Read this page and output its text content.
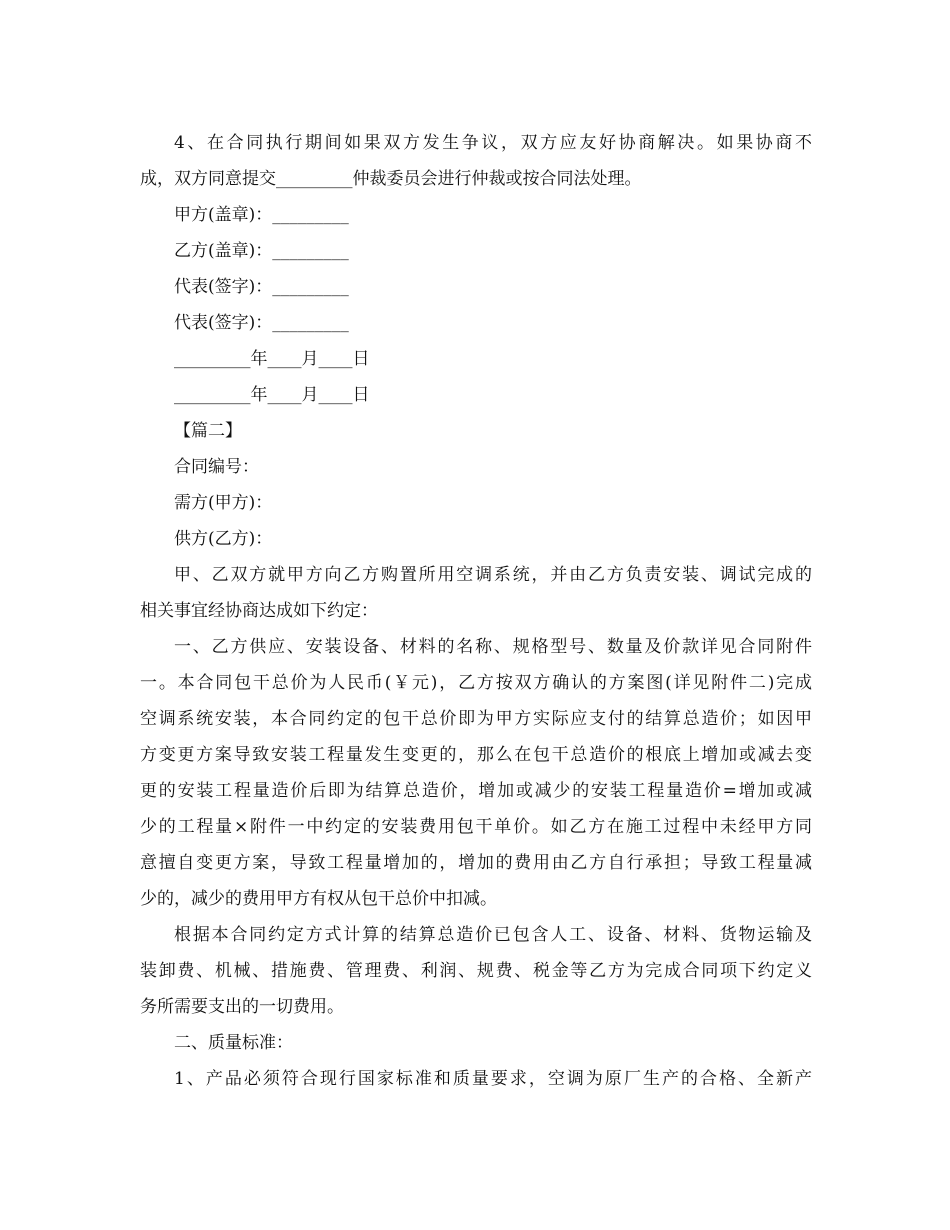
4、在合同执行期间如果双方发生争议，双方应友好协商解决。如果协商不
成，双方同意提交_________仲裁委员会进行仲裁或按合同法处理。
甲方(盖章)：_________
乙方(盖章)：_________
代表(签字)：_________
代表(签字)：_________
_________年____月____日
_________年____月____日
【篇二】
合同编号：
需方(甲方)：
供方(乙方)：
甲、乙双方就甲方向乙方购置所用空调系统，并由乙方负责安装、调试完成的
相关事宜经协商达成如下约定：
一、乙方供应、安装设备、材料的名称、规格型号、数量及价款详见合同附件
一。本合同包干总价为人民币(￥元)，乙方按双方确认的方案图(详见附件二)完成
空调系统安装，本合同约定的包干总价即为甲方实际应支付的结算总造价；如因甲
方变更方案导致安装工程量发生变更的，那么在包干总造价的根底上增加或减去变
更的安装工程量造价后即为结算总造价，增加或减少的安装工程量造价=增加或减
少的工程量×附件一中约定的安装费用包干单价。如乙方在施工过程中未经甲方同
意擅自变更方案，导致工程量增加的，增加的费用由乙方自行承担；导致工程量减
少的，减少的费用甲方有权从包干总价中扣减。
根据本合同约定方式计算的结算总造价已包含人工、设备、材料、货物运输及
装卸费、机械、措施费、管理费、利润、规费、税金等乙方为完成合同项下约定义
务所需要支出的一切费用。
二、质量标准：
1、产品必须符合现行国家标准和质量要求，空调为原厂生产的合格、全新产
